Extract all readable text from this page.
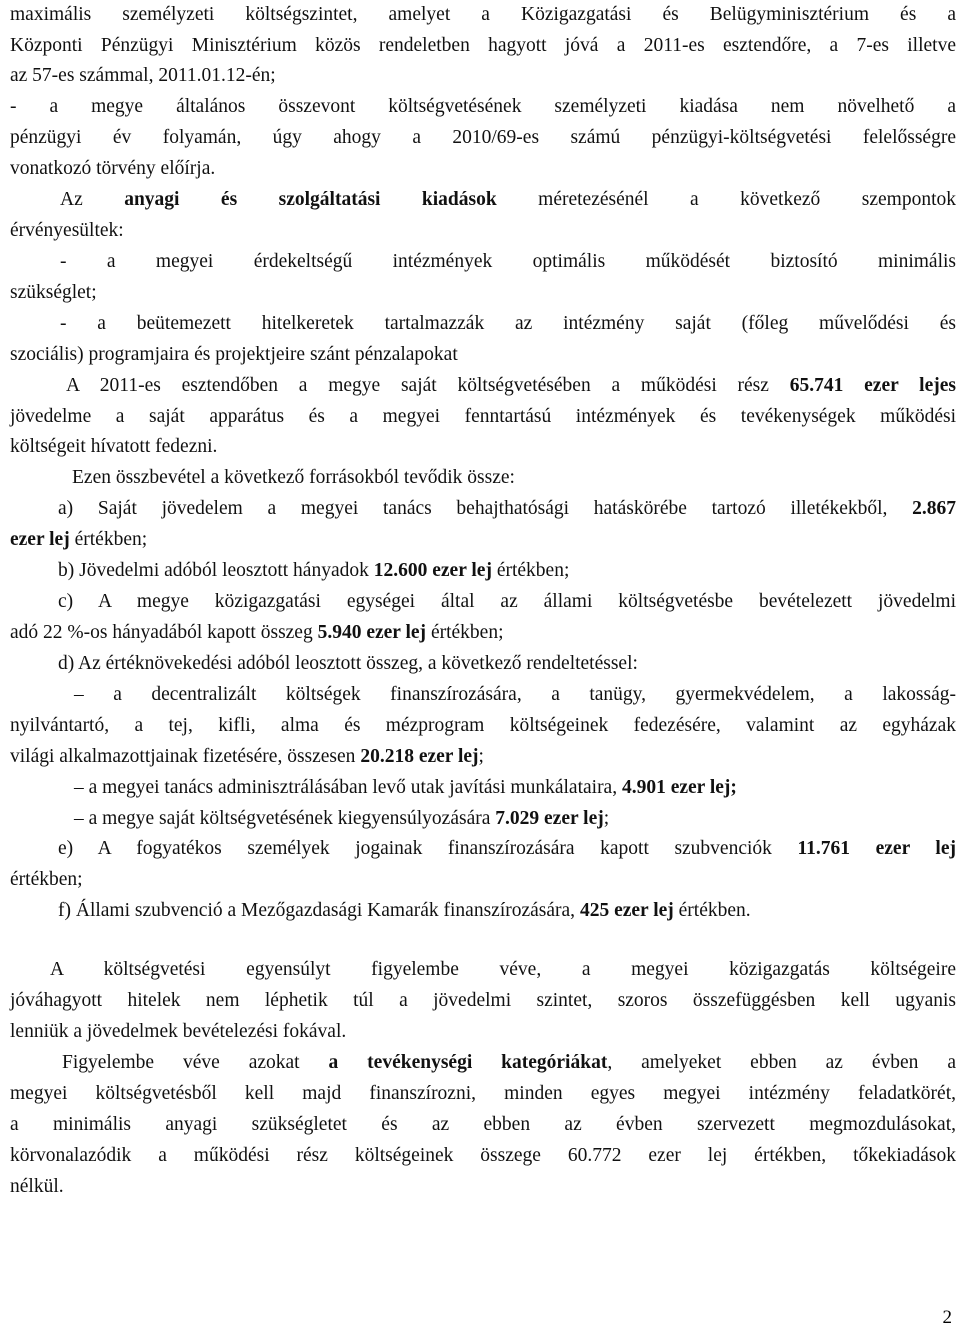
maximális személyzeti költségszintet, amelyet a Közigazgatási és Belügyminisztérium és a
Központi Pénzügyi Minisztérium közös rendeletben hagyott jóvá a 2011-es esztendőre, a 7-es illetve
az 57-es számmal, 2011.01.12-én;
- a megye általános összevont költségvetésének személyzeti kiadása nem növelhető a
pénzügyi év folyamán, úgy ahogy a 2010/69-es számú pénzügyi-költségvetési felelősségre
vonatkozó törvény előírja.
Az anyagi és szolgáltatási kiadások méretezésénél a következő szempontok
érvényesültek:
- a megyei érdekeltségű intézmények optimális működését biztosító minimális
szükséglet;
- a beütemezett hitelkeretek tartalmazzák az intézmény saját (főleg művelődési és
szociális) programjaira és projektjeire szánt pénzalapokat
A 2011-es esztendőben a megye saját költségvetésében a működési rész 65.741 ezer lejes
jövedelme a saját apparátus és a megyei fenntartású intézmények és tevékenységek működési
költségeit hívatott fedezni.
Ezen összbevétel a következő forrásokból tevődik össze:
a) Saját jövedelem a megyei tanács behajthatósági hatáskörébe tartozó illetékekből, 2.867
ezer lej értékben;
b) Jövedelmi adóból leosztott hányadok 12.600 ezer lej értékben;
c) A megye közigazgatási egységei által az állami költségvetésbe bevételezett jövedelmi
adó 22 %-os hányadából kapott összeg 5.940 ezer lej értékben;
d) Az értéknövekedési adóból leosztott összeg, a következő rendeltetéssel:
– a decentralizált költségek finanszírozására, a tanügy, gyermekvédelem, a lakosság-
nyilvántartó, a tej, kifli, alma és mézprogram költségeinek fedezésére, valamint az egyházak
világi alkalmazottjainak fizetésére, összesen 20.218 ezer lej;
– a megyei tanács adminisztrálásában levő utak javítási munkálataira, 4.901 ezer lej;
– a megye saját költségvetésének kiegyensúlyozására 7.029 ezer lej;
e) A fogyatékos személyek jogainak finanszírozására kapott szubvenciók 11.761 ezer lej
értékben;
f) Állami szubvenció a Mezőgazdasági Kamarák finanszírozására, 425 ezer lej értékben.
A költségvetési egyensúlyt figyelembe véve, a megyei közigazgatás költségeire
jóváhagyott hitelek nem léphetik túl a jövedelmi szintet, szoros összefüggésben kell ugyanis
lenniük a jövedelmek bevételezési fokával.
Figyelembe véve azokat a tevékenységi kategóriákat, amelyeket ebben az évben a
megyei költségvetésből kell majd finanszírozni, minden egyes megyei intézmény feladatkörét,
a minimális anyagi szükségletet és az ebben az évben szervezett megmozdulásokat,
körvonalazódik a működési rész költségeinek összege 60.772 ezer lej értékben, tőkekiadások
nélkül.
2
